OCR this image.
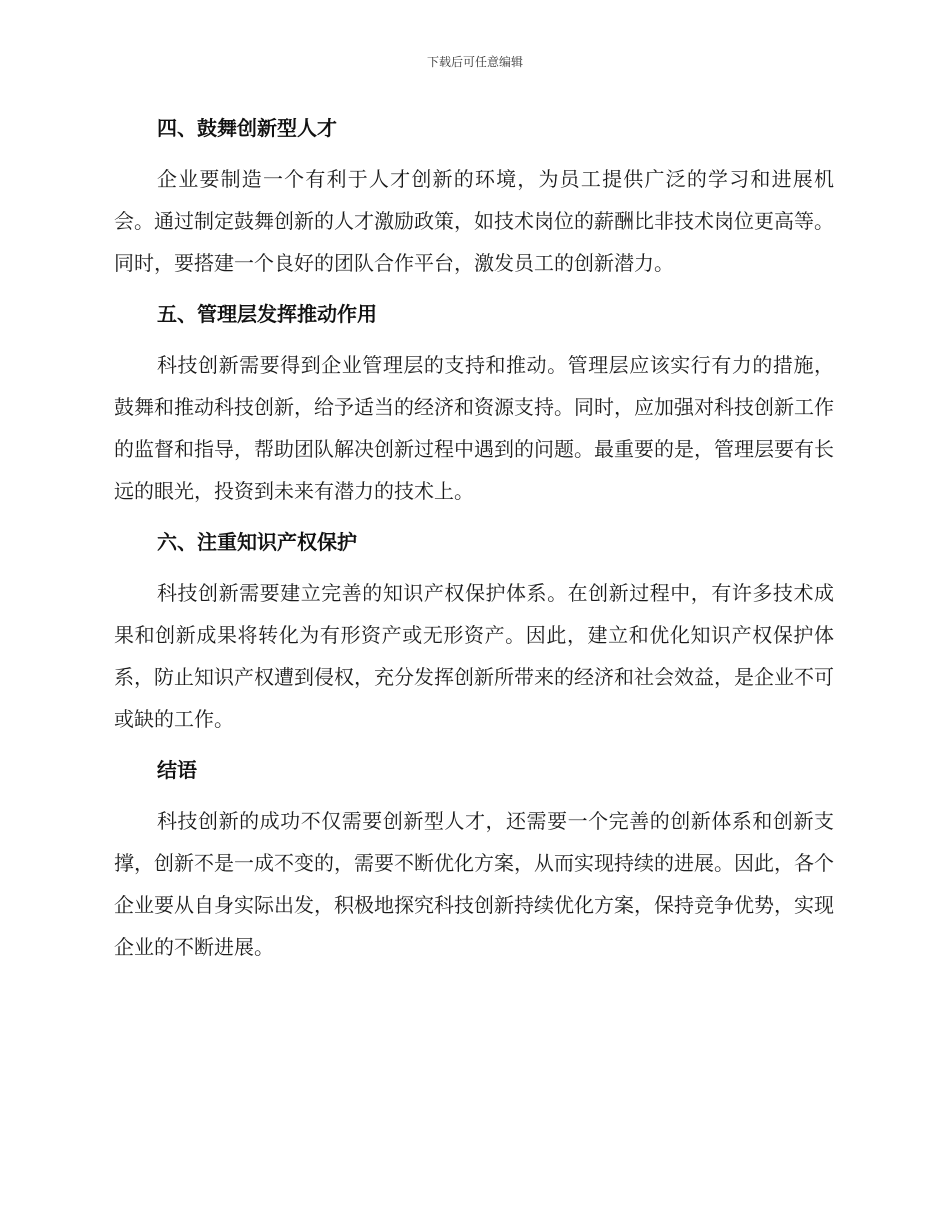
下载后可任意编辑
四、鼓舞创新型人才

企业要制造一个有利于人才创新的环境，为员工提供广泛的学习和进展机会。通过制定鼓舞创新的人才激励政策，如技术岗位的薪酬比非技术岗位更高等。同时，要搭建一个良好的团队合作平台，激发员工的创新潜力。

五、管理层发挥推动作用

科技创新需要得到企业管理层的支持和推动。管理层应该实行有力的措施，鼓舞和推动科技创新，给予适当的经济和资源支持。同时，应加强对科技创新工作的监督和指导，帮助团队解决创新过程中遇到的问题。最重要的是，管理层要有长远的眼光，投资到未来有潜力的技术上。

六、注重知识产权保护

科技创新需要建立完善的知识产权保护体系。在创新过程中，有许多技术成果和创新成果将转化为有形资产或无形资产。因此，建立和优化知识产权保护体系，防止知识产权遭到侵权，充分发挥创新所带来的经济和社会效益，是企业不可或缺的工作。

结语

科技创新的成功不仅需要创新型人才，还需要一个完善的创新体系和创新支撑，创新不是一成不变的，需要不断优化方案，从而实现持续的进展。因此，各个企业要从自身实际出发，积极地探究科技创新持续优化方案，保持竞争优势，实现企业的不断进展。
